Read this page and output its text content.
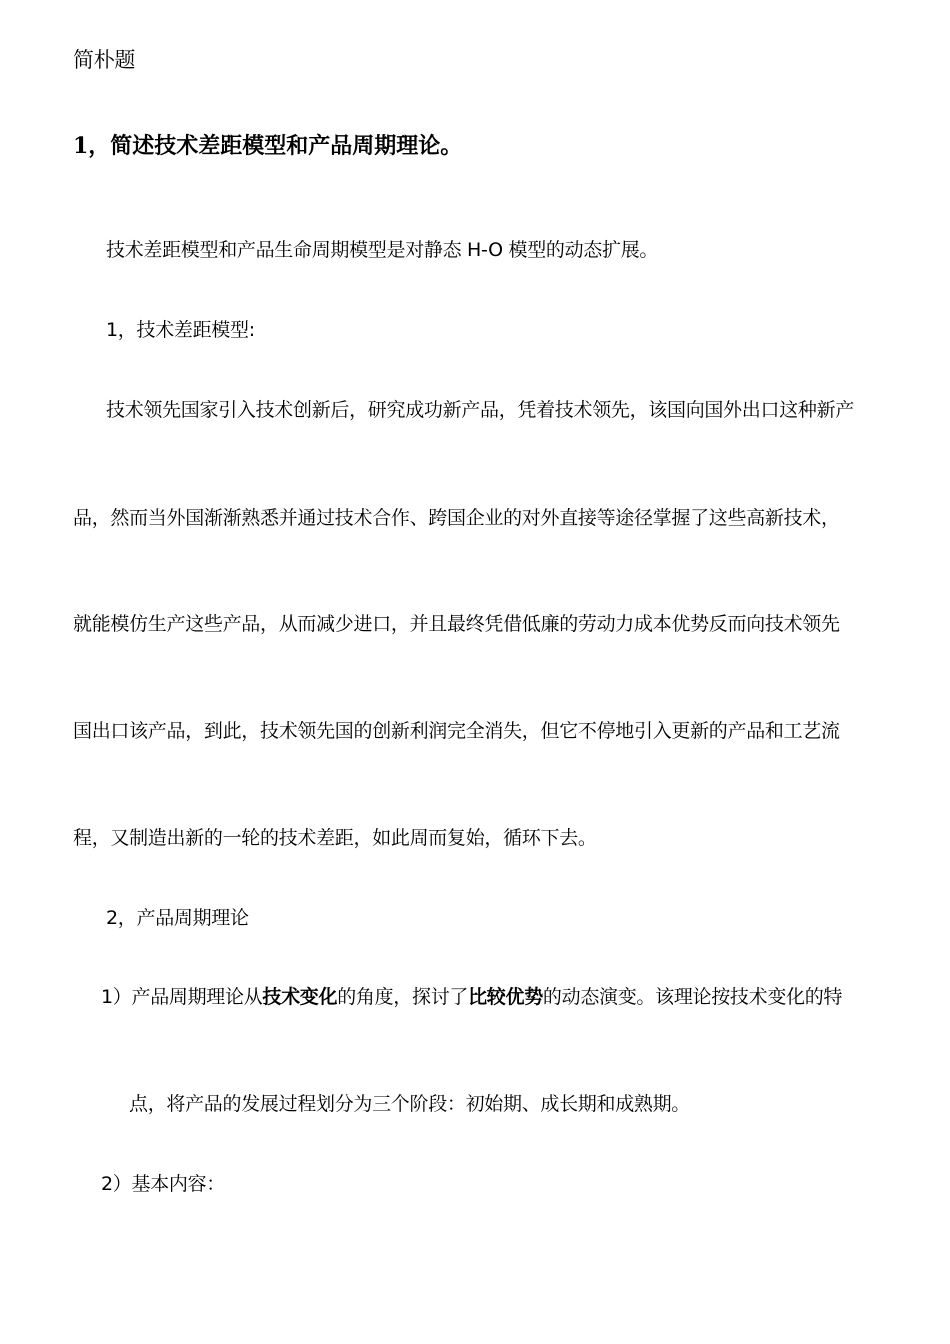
简朴题
1，简述技术差距模型和产品周期理论。
技术差距模型和产品生命周期模型是对静态 H-O 模型的动态扩展。
1，技术差距模型:
技术领先国家引入技术创新后，研究成功新产品，凭着技术领先，该国向国外出口这种新产
品，然而当外国渐渐熟悉并通过技术合作、跨国企业的对外直接等途径掌握了这些高新技术，
就能模仿生产这些产品，从而减少进口，并且最终凭借低廉的劳动力成本优势反而向技术领先
国出口该产品，到此，技术领先国的创新利润完全消失，但它不停地引入更新的产品和工艺流
程，又制造出新的一轮的技术差距，如此周而复始，循环下去。
2，产品周期理论
1）产品周期理论从技术变化的角度，探讨了比较优势的动态演变。该理论按技术变化的特
点，将产品的发展过程划分为三个阶段：初始期、成长期和成熟期。
2）基本内容：
